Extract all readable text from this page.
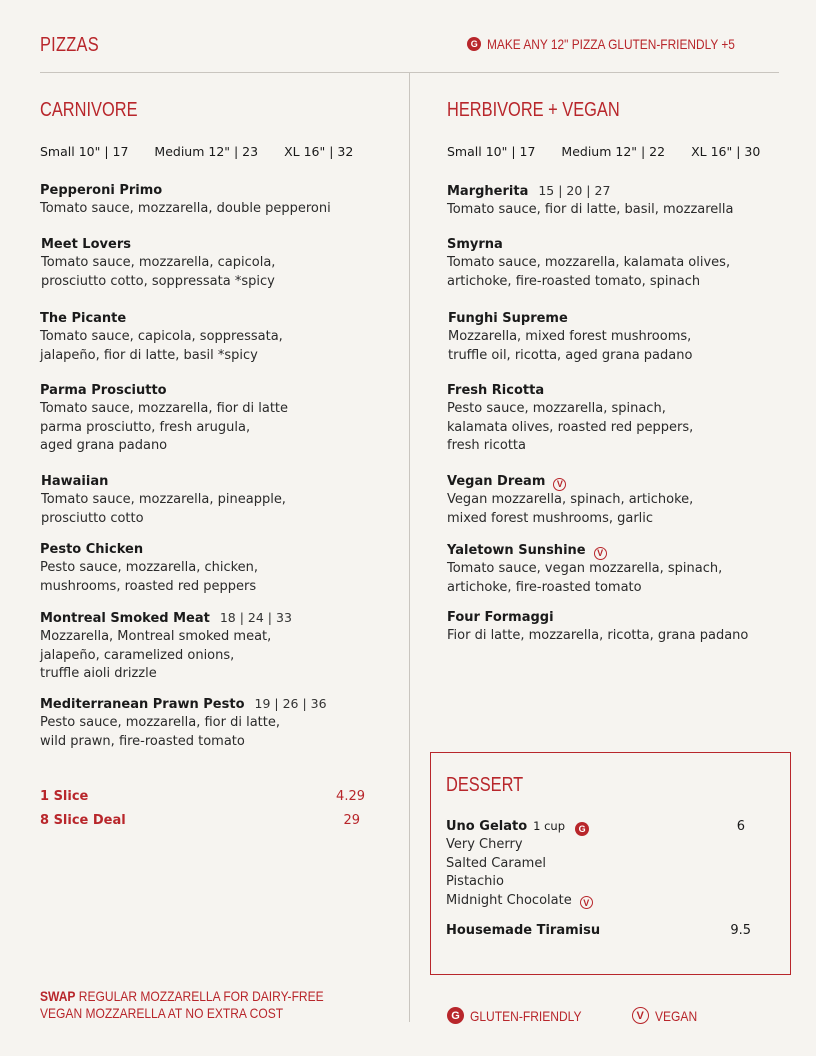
PIZZAS	G MAKE ANY 12" PIZZA GLUTEN-FRIENDLY +5
CARNIVORE
Small 10" | 17 Medium 12" | 23 XL 16" | 32
Pepperoni Primo
Tomato sauce, mozzarella, double pepperoni
Meet Lovers
Tomato sauce, mozzarella, capicola,
prosciutto cotto, soppressata *spicy
The Picante
Tomato sauce, capicola, soppressata,
jalapeño, fior di latte, basil *spicy
Parma Prosciutto
Tomato sauce, mozzarella, fior di latte
parma prosciutto, fresh arugula,
aged grana padano
Hawaiian
Tomato sauce, mozzarella, pineapple,
prosciutto cotto
Pesto Chicken
Pesto sauce, mozzarella, chicken,
mushrooms, roasted red peppers
Montreal Smoked Meat 18 | 24 | 33
Mozzarella, Montreal smoked meat,
jalapeño, caramelized onions,
truffle aioli drizzle
Mediterranean Prawn Pesto 19 | 26 | 36
Pesto sauce, mozzarella, fior di latte,
wild prawn, fire-roasted tomato
1 Slice	4.29
8 Slice Deal	29
SWAP REGULAR MOZZARELLA FOR DAIRY-FREE VEGAN MOZZARELLA AT NO EXTRA COST
HERBIVORE + VEGAN
Small 10" | 17 Medium 12" | 22 XL 16" | 30
Margherita 15 | 20 | 27
Tomato sauce, fior di latte, basil, mozzarella
Smyrna
Tomato sauce, mozzarella, kalamata olives,
artichoke, fire-roasted tomato, spinach
Funghi Supreme
Mozzarella, mixed forest mushrooms,
truffle oil, ricotta, aged grana padano
Fresh Ricotta
Pesto sauce, mozzarella, spinach,
kalamata olives, roasted red peppers,
fresh ricotta
Vegan Dream V
Vegan mozzarella, spinach, artichoke,
mixed forest mushrooms, garlic
Yaletown Sunshine V
Tomato sauce, vegan mozzarella, spinach,
artichoke, fire-roasted tomato
Four Formaggi
Fior di latte, mozzarella, ricotta, grana padano
DESSERT
Uno Gelato 1 cup G	6
Very Cherry
Salted Caramel
Pistachio
Midnight Chocolate V
Housemade Tiramisu	9.5
G GLUTEN-FRIENDLY	V VEGAN
